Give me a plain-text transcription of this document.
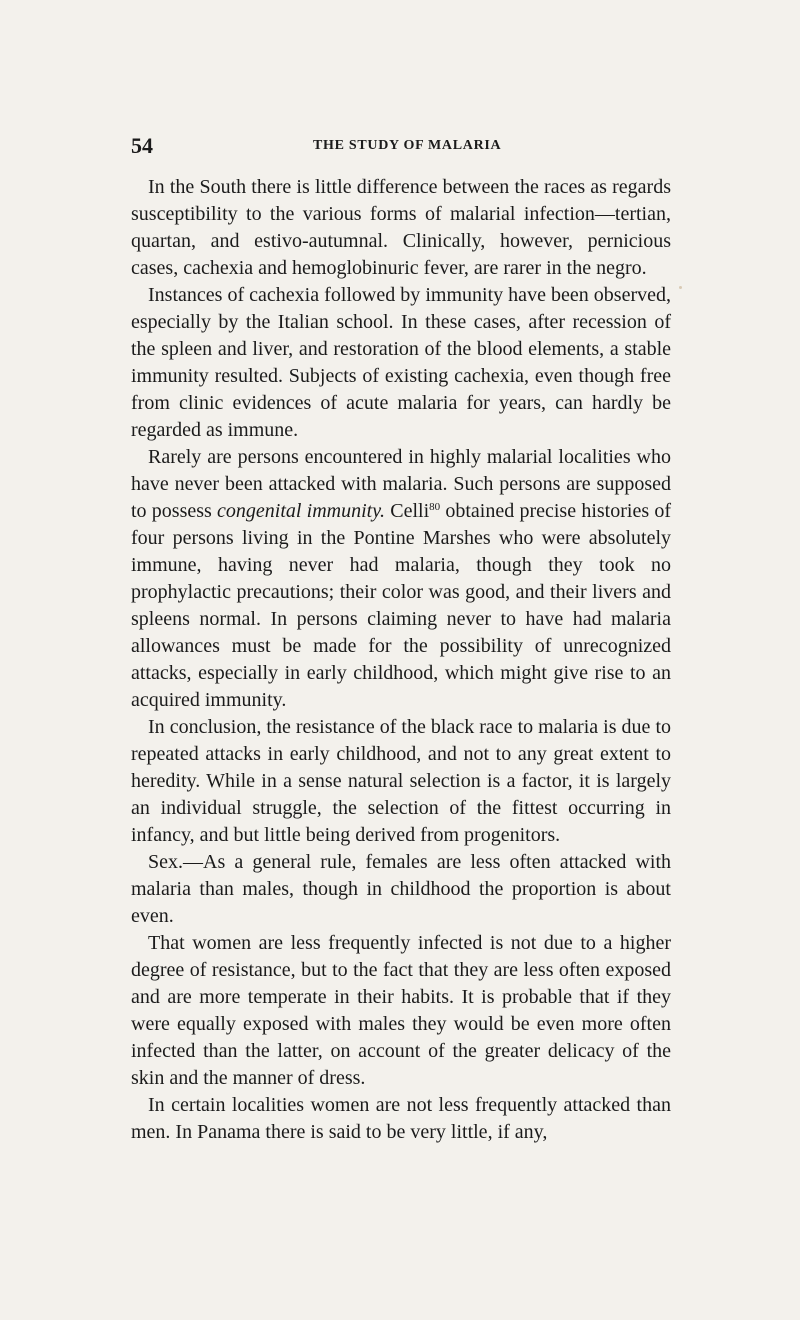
54	THE STUDY OF MALARIA

In the South there is little difference between the races as regards susceptibility to the various forms of malarial infection—tertian, quartan, and estivo-autumnal. Clinically, however, pernicious cases, cachexia and hemoglobinuric fever, are rarer in the negro.

Instances of cachexia followed by immunity have been observed, especially by the Italian school. In these cases, after recession of the spleen and liver, and restoration of the blood elements, a stable immunity resulted. Subjects of existing cachexia, even though free from clinic evidences of acute malaria for years, can hardly be regarded as immune.

Rarely are persons encountered in highly malarial localities who have never been attacked with malaria. Such persons are supposed to possess congenital immunity. Celli$^{80}$ obtained precise histories of four persons living in the Pontine Marshes who were absolutely immune, having never had malaria, though they took no prophylactic precautions; their color was good, and their livers and spleens normal. In persons claiming never to have had malaria allowances must be made for the possibility of unrecognized attacks, especially in early childhood, which might give rise to an acquired immunity.

In conclusion, the resistance of the black race to malaria is due to repeated attacks in early childhood, and not to any great extent to heredity. While in a sense natural selection is a factor, it is largely an individual struggle, the selection of the fittest occurring in infancy, and but little being derived from progenitors.

Sex.—As a general rule, females are less often attacked with malaria than males, though in childhood the proportion is about even.

That women are less frequently infected is not due to a higher degree of resistance, but to the fact that they are less often exposed and are more temperate in their habits. It is probable that if they were equally exposed with males they would be even more often infected than the latter, on account of the greater delicacy of the skin and the manner of dress.

In certain localities women are not less frequently attacked than men. In Panama there is said to be very little, if any,
